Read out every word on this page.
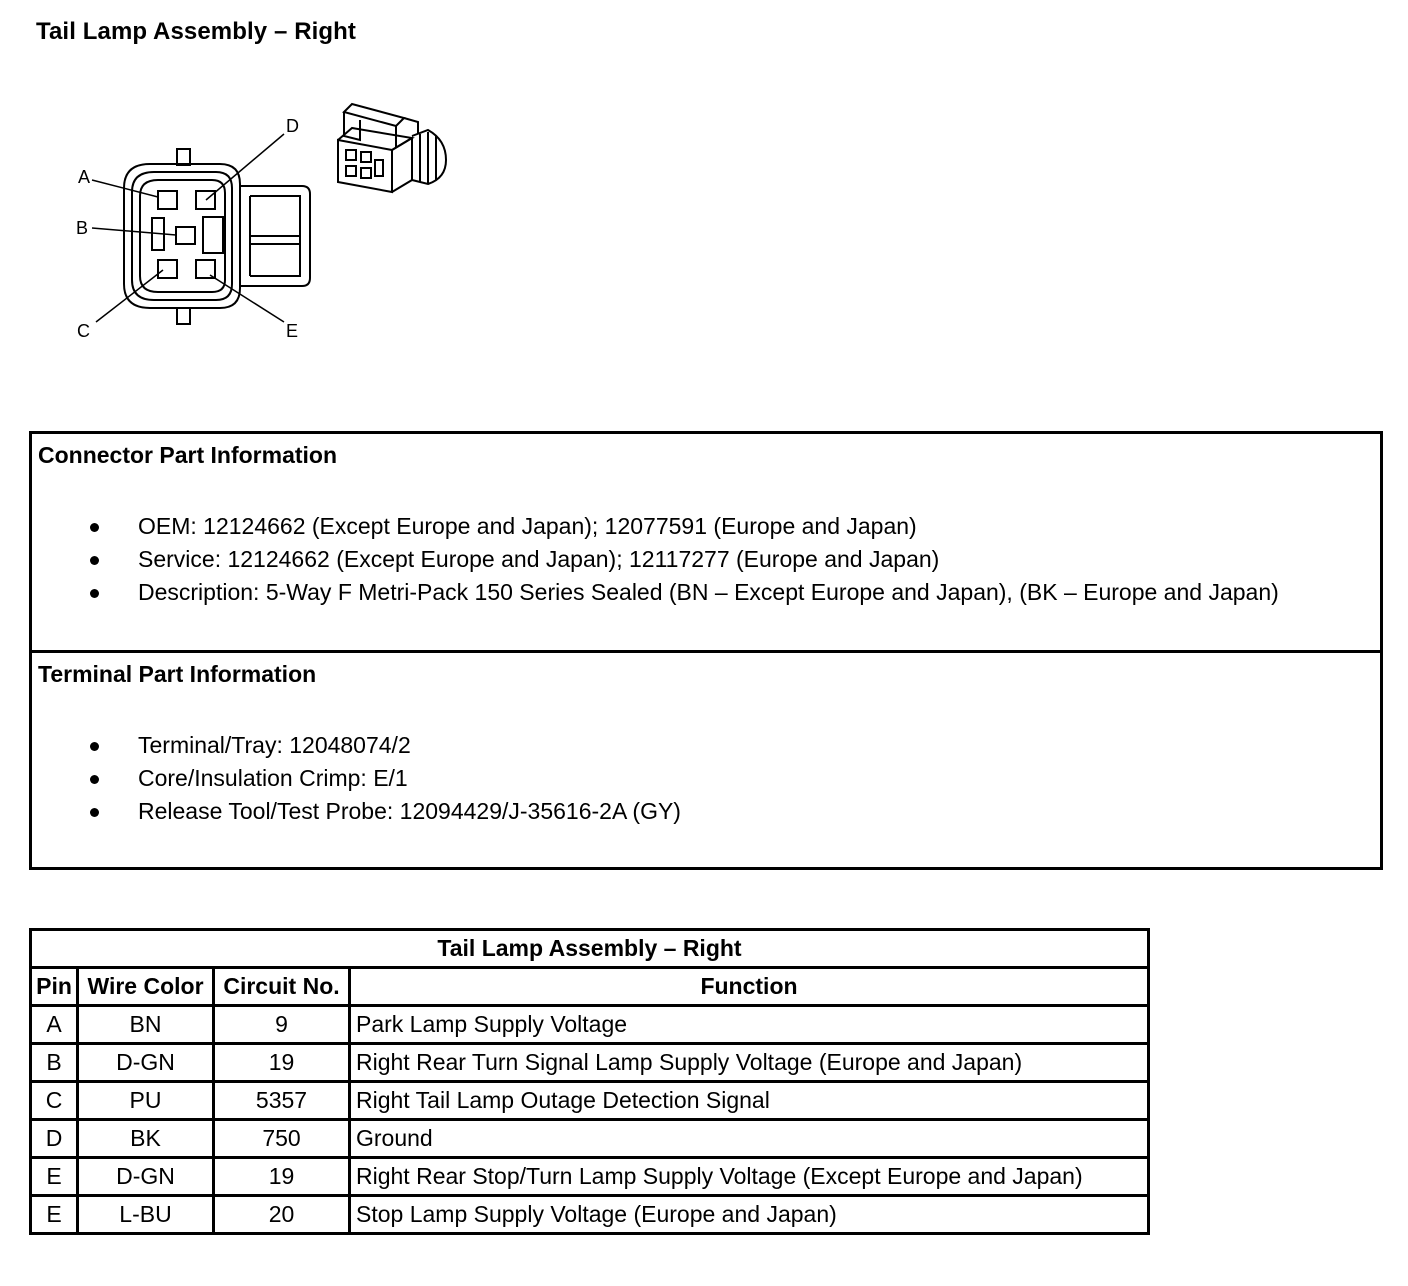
Tail Lamp Assembly – Right
A
B
C
D
E
Connector Part Information
OEM: 12124662 (Except Europe and Japan); 12077591 (Europe and Japan)
Service: 12124662 (Except Europe and Japan); 12117277 (Europe and Japan)
Description: 5-Way F Metri-Pack 150 Series Sealed (BN – Except Europe and Japan), (BK – Europe and Japan)
Terminal Part Information
Terminal/Tray: 12048074/2
Core/Insulation Crimp: E/1
Release Tool/Test Probe: 12094429/J-35616-2A (GY)
Tail Lamp Assembly – Right			
Pin	Wire Color	Circuit No.	Function
A	BN	9	Park Lamp Supply Voltage
B	D-GN	19	Right Rear Turn Signal Lamp Supply Voltage (Europe and Japan)
C	PU	5357	Right Tail Lamp Outage Detection Signal
D	BK	750	Ground
E	D-GN	19	Right Rear Stop/Turn Lamp Supply Voltage (Except Europe and Japan)
E	L-BU	20	Stop Lamp Supply Voltage (Europe and Japan)
